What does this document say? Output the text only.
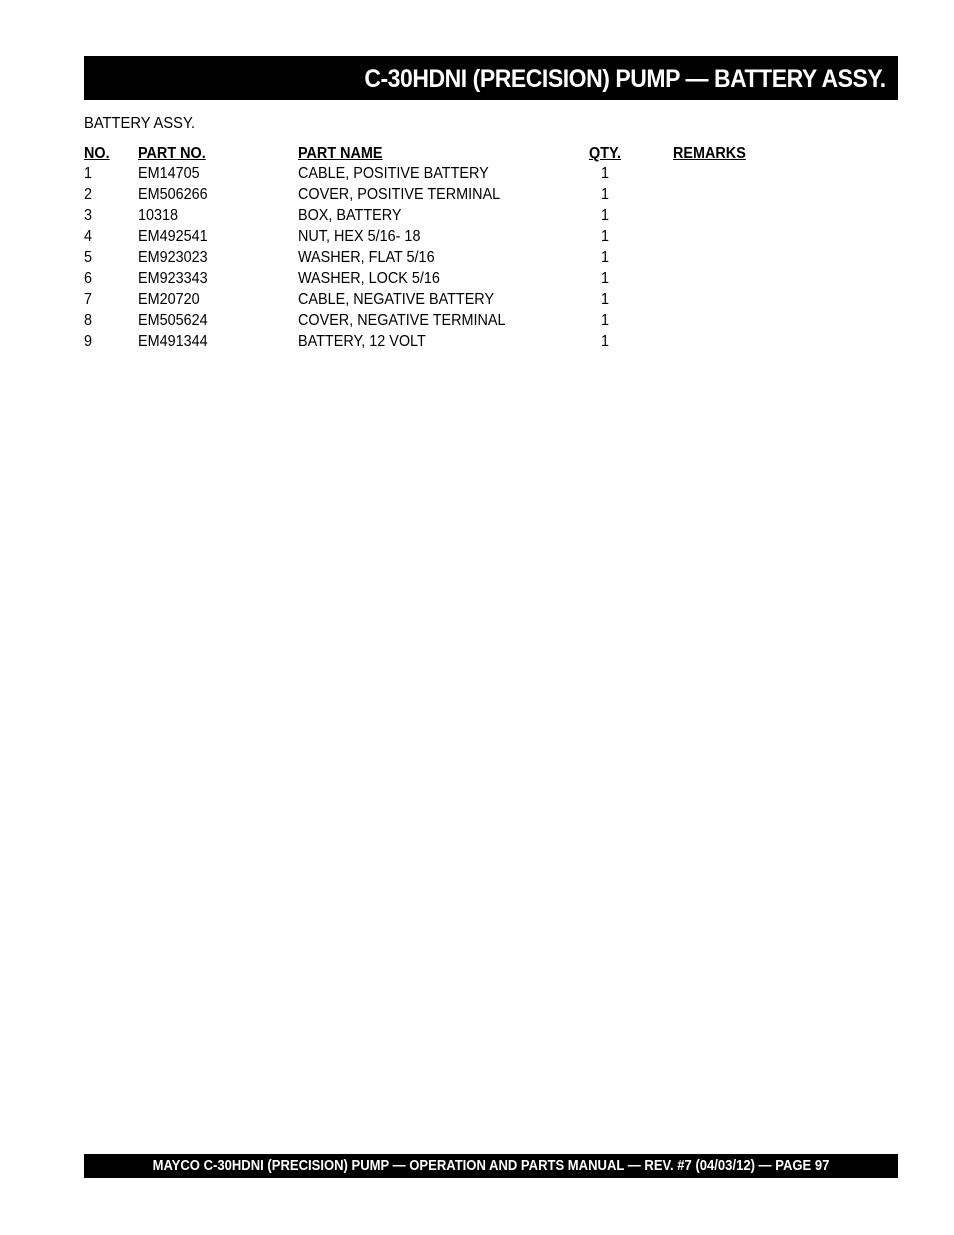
C-30HDNI (PRECISION) PUMP — BATTERY ASSY.
BATTERY ASSY.
NO. PART NO.	PART NAME	QTY.	REMARKS
1	EM14705	CABLE, POSITIVE BATTERY	1
2	EM506266	COVER, POSITIVE TERMINAL	1
3	10318	BOX, BATTERY	1
4	EM492541	NUT, HEX 5/16- 18	1
5	EM923023	WASHER, FLAT 5/16	1
6	EM923343	WASHER, LOCK 5/16	1
7	EM20720	CABLE, NEGATIVE BATTERY	1
8	EM505624	COVER, NEGATIVE TERMINAL	1
9	EM491344	BATTERY, 12 VOLT	1
MAYCO C-30HDNI (PRECISION) PUMP — OPERATION AND PARTS MANUAL — REV. #7 (04/03/12) — PAGE 97
